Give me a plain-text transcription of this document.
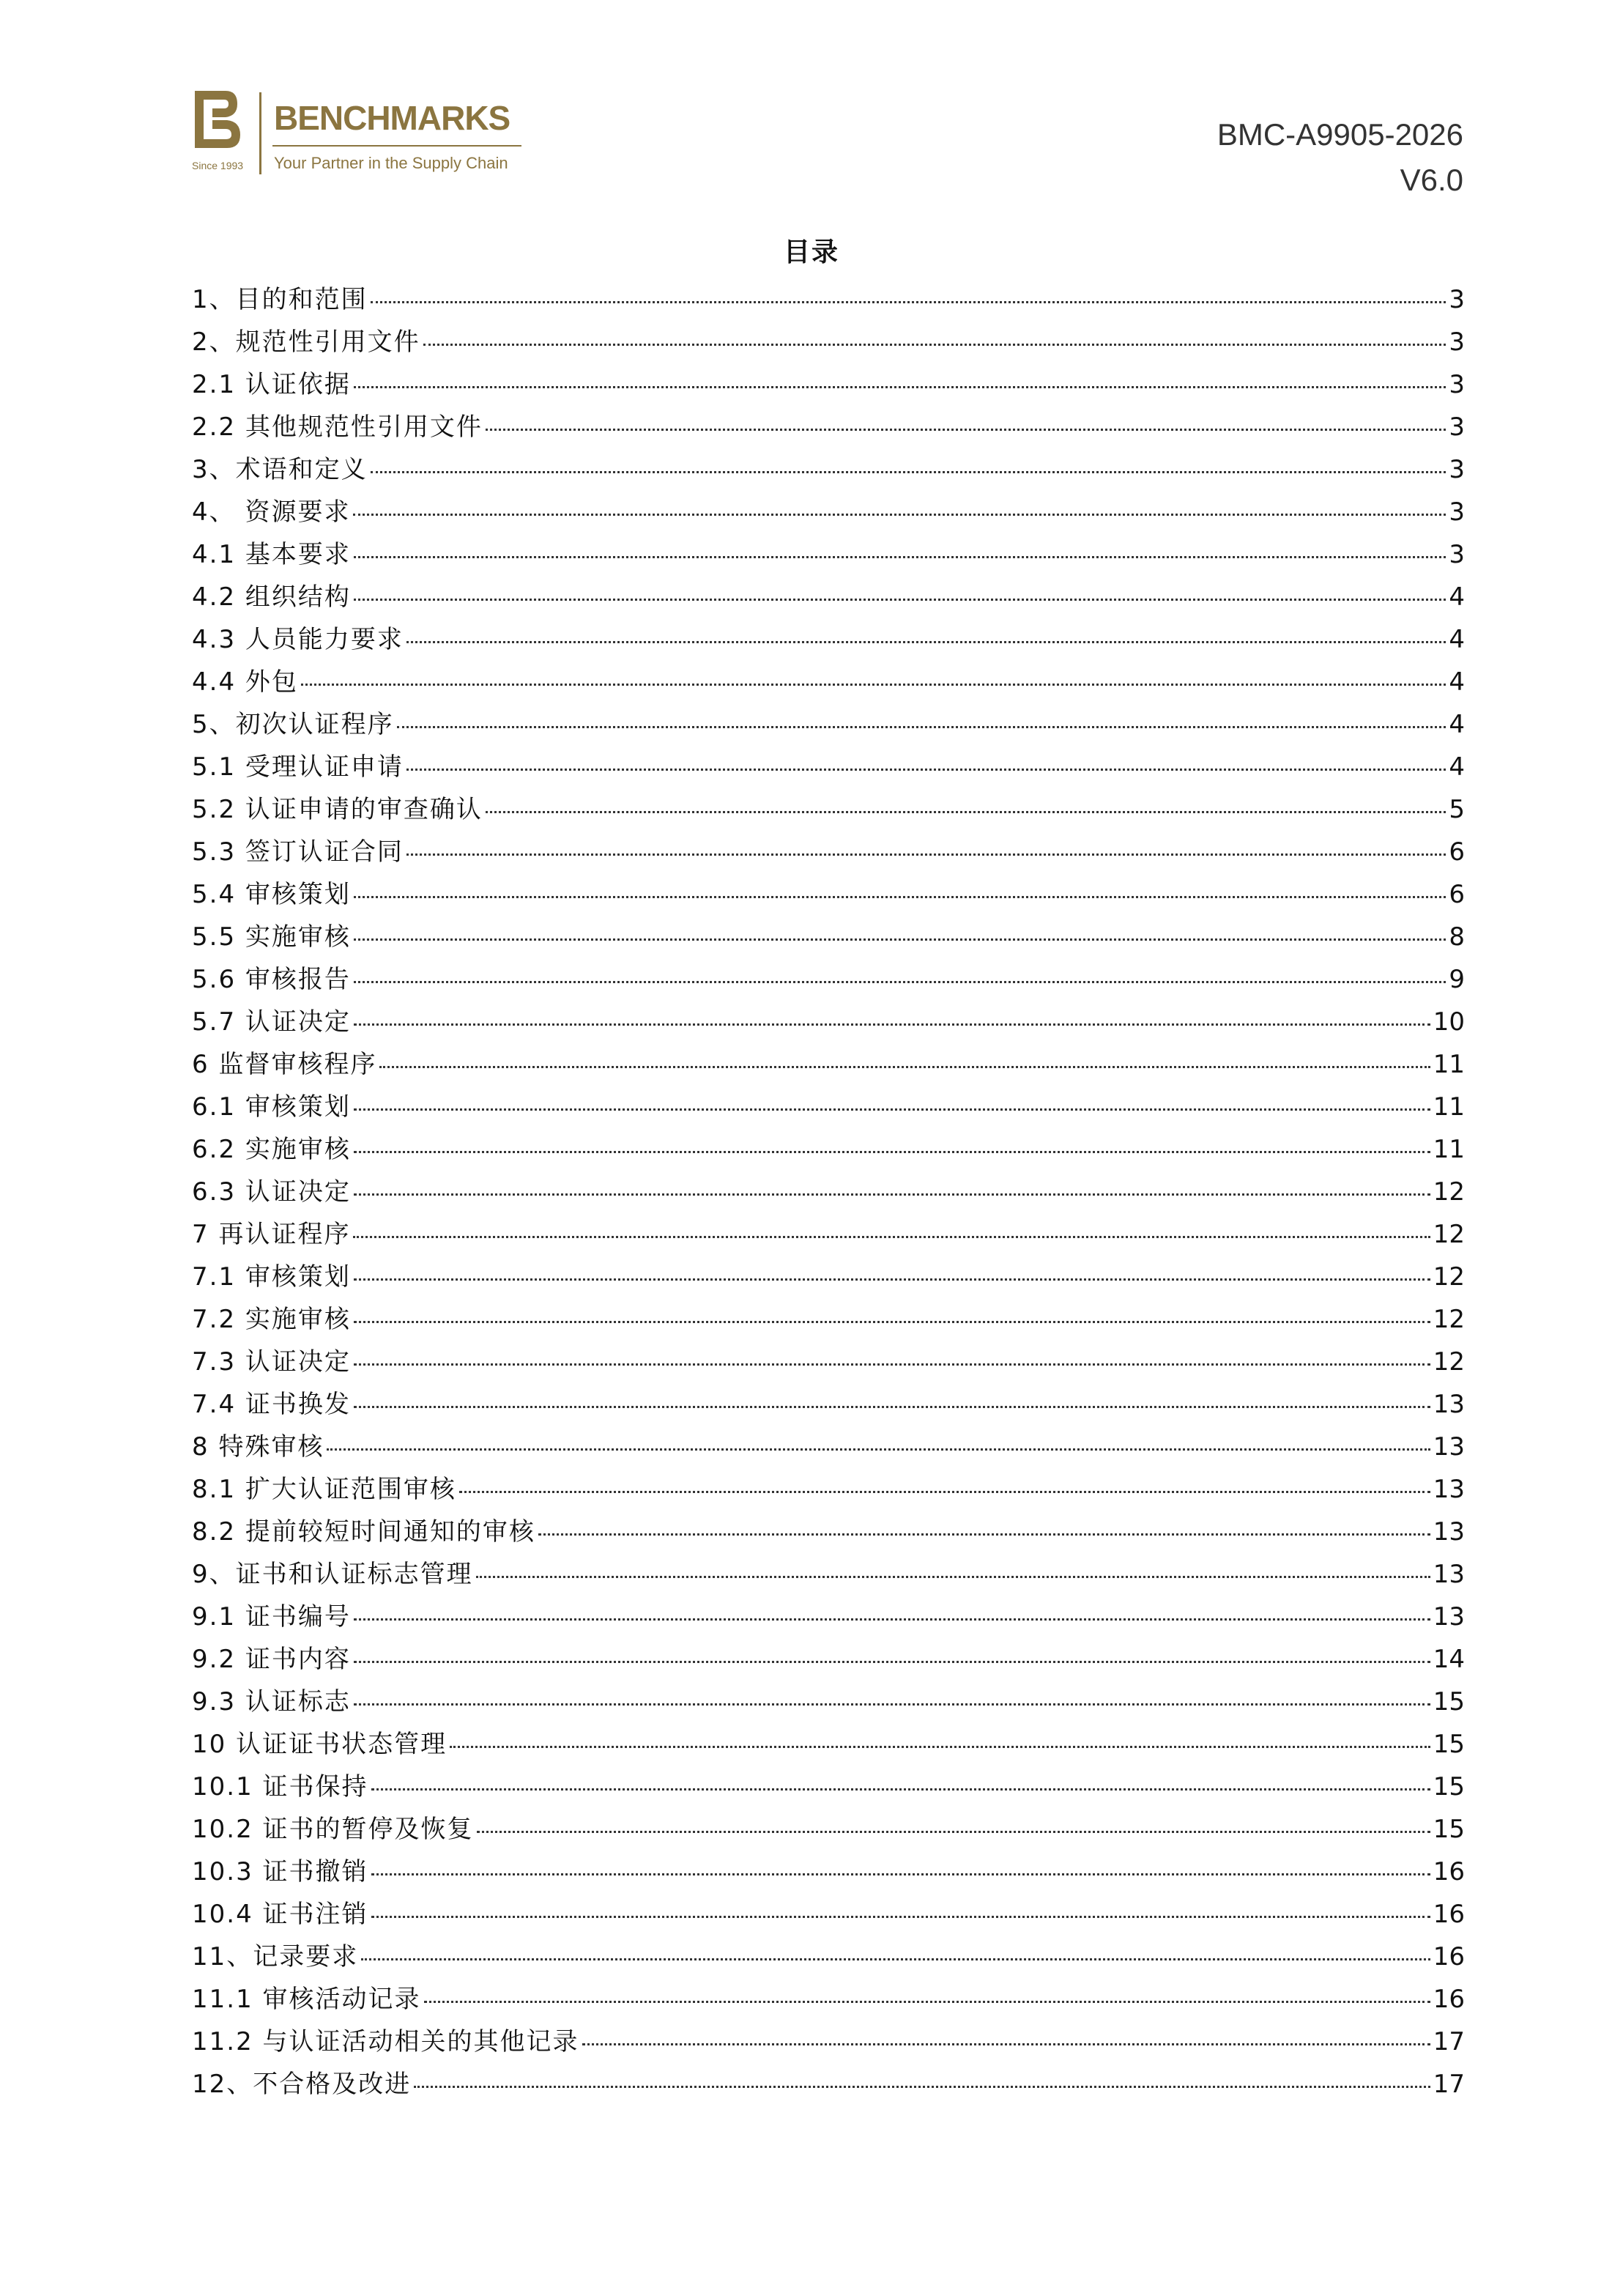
Since 1993
BENCHMARKS
Your Partner in the Supply Chain
BMC-A9905-2026
V6.0
目录
1、目的和范围	3
2、规范性引用文件	3
2.1 认证依据	3
2.2 其他规范性引用文件	3
3、术语和定义	3
4、 资源要求	3
4.1 基本要求	3
4.2 组织结构	4
4.3 人员能力要求	4
4.4 外包	4
5、初次认证程序	4
5.1 受理认证申请	4
5.2 认证申请的审查确认	5
5.3 签订认证合同	6
5.4 审核策划	6
5.5 实施审核	8
5.6 审核报告	9
5.7 认证决定	10
6 监督审核程序	11
6.1 审核策划	11
6.2 实施审核	11
6.3 认证决定	12
7 再认证程序	12
7.1 审核策划	12
7.2 实施审核	12
7.3 认证决定	12
7.4 证书换发	13
8 特殊审核	13
8.1 扩大认证范围审核	13
8.2 提前较短时间通知的审核	13
9、证书和认证标志管理	13
9.1 证书编号	13
9.2 证书内容	14
9.3 认证标志	15
10 认证证书状态管理	15
10.1 证书保持	15
10.2 证书的暂停及恢复	15
10.3 证书撤销	16
10.4 证书注销	16
11、记录要求	16
11.1 审核活动记录	16
11.2 与认证活动相关的其他记录	17
12、不合格及改进	17
